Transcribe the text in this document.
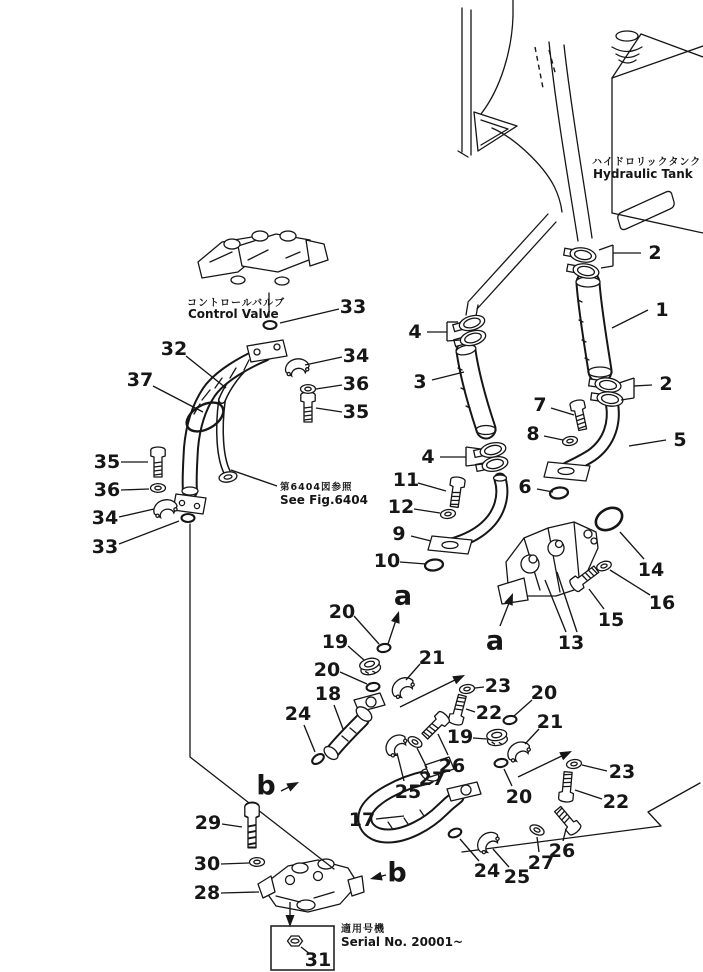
ハイドロリックタンク
Hydraulic Tank
コントロールバルブ
Control Valve
第6404図参照
See Fig.6404
適用号機
Serial No. 20001~
2
1
33
4
34
32
36
37
35
2
7
3
8	5
4
11	6
12
9
35
36
10
34
33
14
16
15
13
a
a
20
19
20
21
18
24
23
22
19
26
27
25
20
21
20
23
22
17
24 25
27
26
29
30
28
31
b
b
